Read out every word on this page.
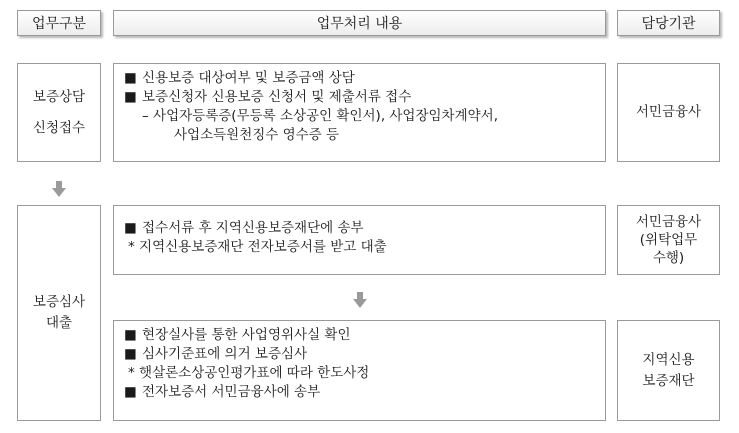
업무구분	업무처리 내용	담당기관
보증상담
신청접수
■ 신용보증 대상여부 및 보증금액 상담
■ 보증신청자 신용보증 신청서 및 제출서류 접수
– 사업자등록증(무등록 소상공인 확인서), 사업장임차계약서,
사업소득원천징수 영수증 등
서민금융사
보증심사
대출
■ 접수서류 후 지역신용보증재단에 송부
* 지역신용보증재단 전자보증서를 받고 대출
서민금융사
(위탁업무
수행)
■ 현장실사를 통한 사업영위사실 확인
■ 심사기준표에 의거 보증심사
* 햇살론소상공인평가표에 따라 한도사정
■ 전자보증서 서민금융사에 송부
지역신용
보증재단
